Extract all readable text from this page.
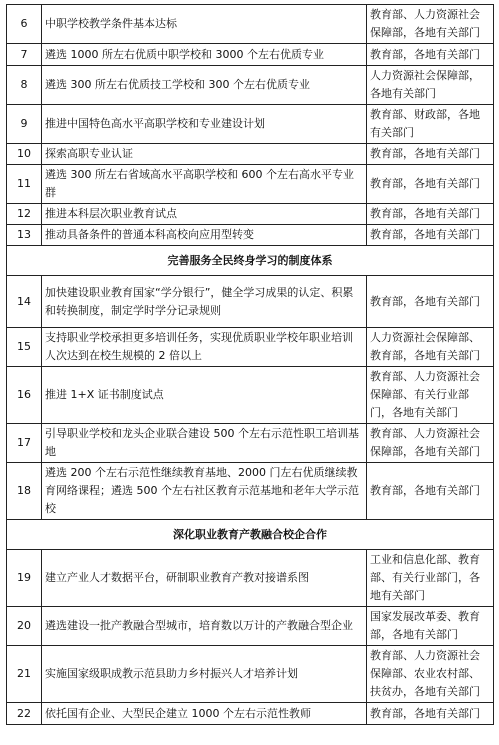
6	中职学校教学条件基本达标	教育部、人力资源社会保障部，各地有关部门
7	遴选 1000 所左右优质中职学校和 3000 个左右优质专业	教育部，各地有关部门
8	遴选 300 所左右优质技工学校和 300 个左右优质专业	人力资源社会保障部，各地有关部门
9	推进中国特色高水平高职学校和专业建设计划	教育部、财政部，各地有关部门
10	探索高职专业认证	教育部，各地有关部门
11	遴选 300 所左右省域高水平高职学校和 600 个左右高水平专业群	教育部，各地有关部门
12	推进本科层次职业教育试点	教育部，各地有关部门
13	推动具备条件的普通本科高校向应用型转变	教育部，各地有关部门
完善服务全民终身学习的制度体系		
14	加快建设职业教育国家“学分银行”，健全学习成果的认定、积累和转换制度，制定学时学分记录规则	教育部，各地有关部门
15	支持职业学校承担更多培训任务，实现优质职业学校年职业培训人次达到在校生规模的 2 倍以上	人力资源社会保障部、教育部，各地有关部门
16	推进 1+X 证书制度试点	教育部、人力资源社会保障部、有关行业部门，各地有关部门
17	引导职业学校和龙头企业联合建设 500 个左右示范性职工培训基地	教育部、人力资源社会保障部，各地有关部门
18	遴选 200 个左右示范性继续教育基地、2000 门左右优质继续教育网络课程；遴选 500 个左右社区教育示范基地和老年大学示范校	教育部，各地有关部门
深化职业教育产教融合校企合作		
19	建立产业人才数据平台，研制职业教育产教对接谱系图	工业和信息化部、教育部、有关行业部门，各地有关部门
20	遴选建设一批产教融合型城市，培育数以万计的产教融合型企业	国家发展改革委、教育部，各地有关部门
21	实施国家级职成教示范县助力乡村振兴人才培养计划	教育部、人力资源社会保障部、农业农村部、扶贫办，各地有关部门
22	依托国有企业、大型民企建立 1000 个左右示范性教师	教育部，各地有关部门
